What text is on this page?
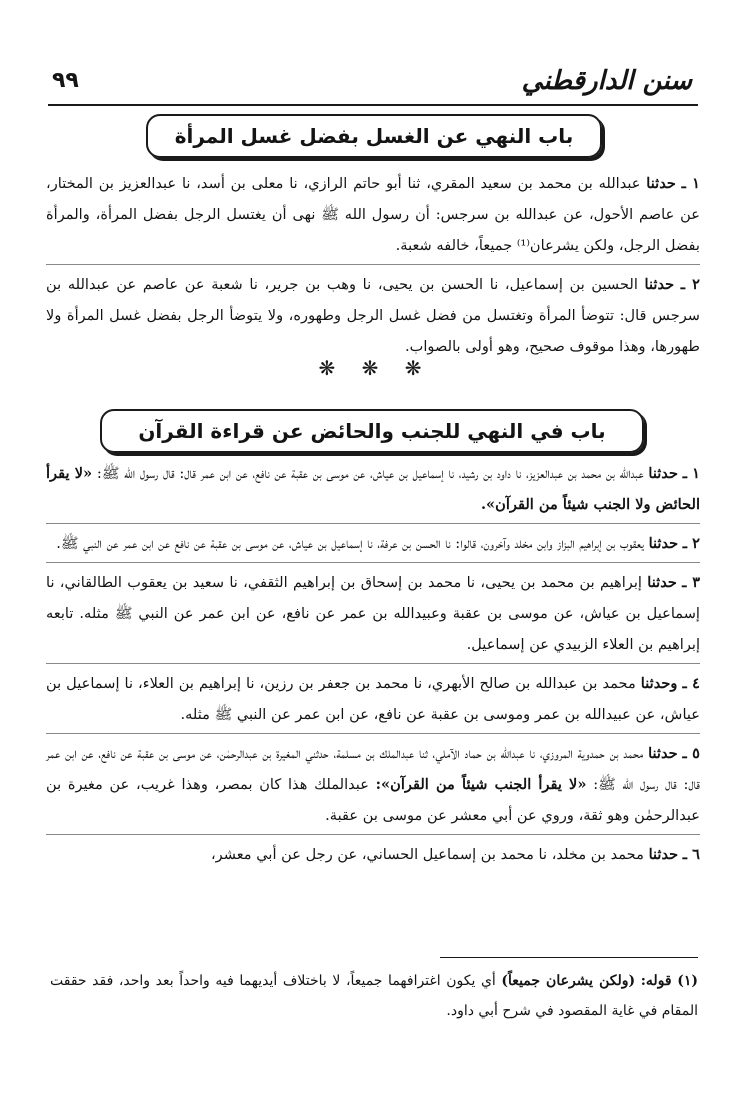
سنن الدارقطني
٩٩
باب النهي عن الغسل بفضل غسل المرأة

١ ـ حدثنا عبدالله بن محمد بن سعيد المقري، ثنا أبو حاتم الرازي، نا معلى بن أسد، نا عبدالعزيز بن المختار، عن عاصم الأحول، عن عبدالله بن سرجس: أن رسول الله ﷺ نهى أن يغتسل الرجل بفضل المرأة، والمرأة بفضل الرجل، ولكن يشرعان⁽¹⁾ جميعاً، خالفه شعبة.

٢ ـ حدثنا الحسين بن إسماعيل، نا الحسن بن يحيى، نا وهب بن جرير، نا شعبة عن عاصم عن عبدالله بن سرجس قال: تتوضأ المرأة وتغتسل من فضل غسل الرجل وطهوره، ولا يتوضأ الرجل بفضل غسل المرأة ولا طهورها، وهذا موقوف صحيح، وهو أولى بالصواب.

❋ ❋ ❋
باب في النهي للجنب والحائض عن قراءة القرآن

١ ـ حدثنا عبدالله بن محمد بن عبدالعزيز، نا داود بن رشيد، نا إسماعيل بن عياش، عن موسى بن عقبة عن نافع، عن ابن عمر قال: قال رسول الله ﷺ: «لا يقرأ الحائض ولا الجنب شيئاً من القرآن».

٢ ـ حدثنا يعقوب بن إبراهيم البزاز وابن مخلد وآخرون، قالوا: نا الحسن بن عرفة، نا إسماعيل بن عياش، عن موسى بن عقبة عن نافع عن ابن عمر عن النبي ﷺ.

٣ ـ حدثنا إبراهيم بن محمد بن يحيى، نا محمد بن إسحاق بن إبراهيم الثقفي، نا سعيد بن يعقوب الطالقاني، نا إسماعيل بن عياش، عن موسى بن عقبة وعبيدالله بن عمر عن نافع، عن ابن عمر عن النبي ﷺ مثله. تابعه إبراهيم بن العلاء الزبيدي عن إسماعيل.

٤ ـ وحدثنا محمد بن عبدالله بن صالح الأبهري، نا محمد بن جعفر بن رزين، نا إبراهيم بن العلاء، نا إسماعيل بن عياش، عن عبيدالله بن عمر وموسى بن عقبة عن نافع، عن ابن عمر عن النبي ﷺ مثله.

٥ ـ حدثنا محمد بن حمدوية المروزي، نا عبدالله بن حماد الآملي، ثنا عبدالملك بن مسلمة، حدثني المغيرة بن عبدالرحمٰن، عن موسى بن عقبة عن نافع، عن ابن عمر قال: قال رسول الله ﷺ: «لا يقرأ الجنب شيئاً من القرآن»: عبدالملك هذا كان بمصر، وهذا غريب، عن مغيرة بن عبدالرحمٰن وهو ثقة، وروي عن أبي معشر عن موسى بن عقبة.

٦ ـ حدثنا محمد بن مخلد، نا محمد بن إسماعيل الحساني، عن رجل عن أبي معشر،

(١) قوله: (ولكن يشرعان جميعاً) أي يكون اغترافهما جميعاً، لا باختلاف أيديهما فيه واحداً بعد واحد، فقد حققت المقام في غاية المقصود في شرح أبي داود.
